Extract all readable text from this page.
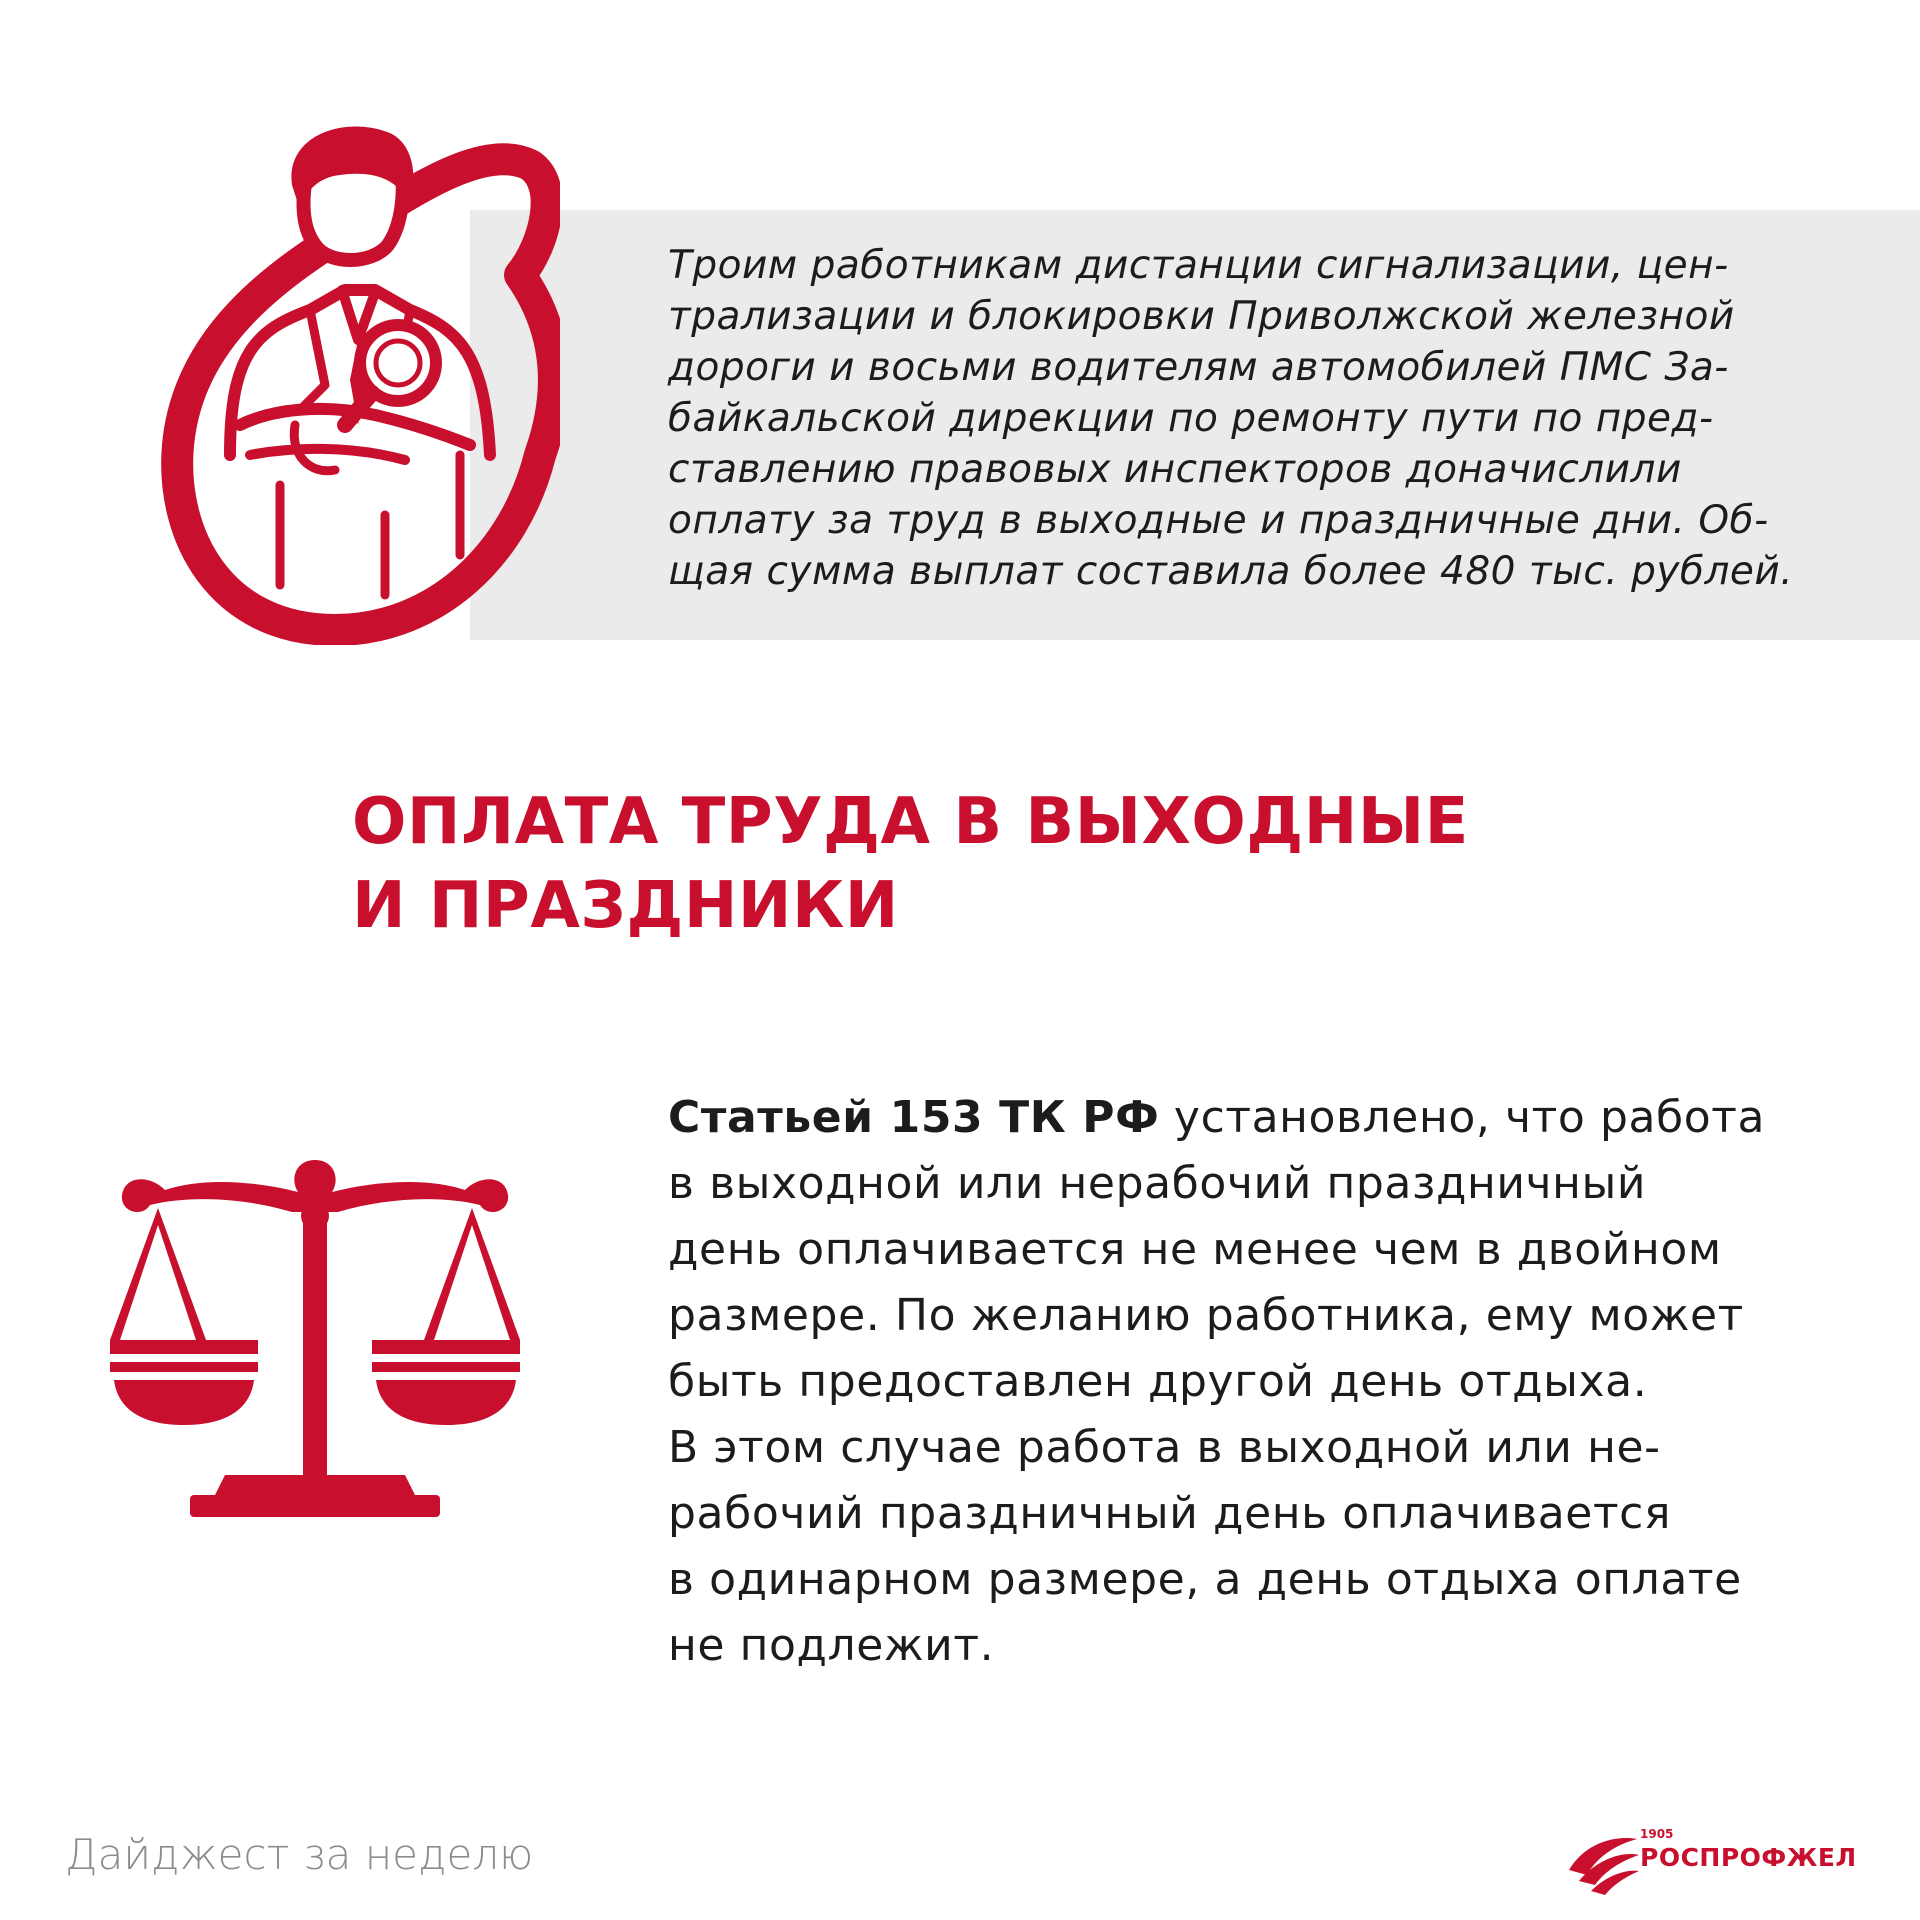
Троим работникам дистанции сигнализации, цен-
трализации и блокировки Приволжской железной
дороги и восьми водителям автомобилей ПМС За-
байкальской дирекции по ремонту пути по пред-
ставлению правовых инспекторов доначислили
оплату за труд в выходные и праздничные дни. Об-
щая сумма выплат составила более 480 тыс. рублей.
ОПЛАТА ТРУДА В ВЫХОДНЫЕ
И ПРАЗДНИКИ

Статьей 153 ТК РФ установлено, что работа

в выходной или нерабочий праздничный

день оплачивается не менее чем в двойном

размере. По желанию работника, ему может

быть предоставлен другой день отдыха.

В этом случае работа в выходной или не-

рабочий праздничный день оплачивается

в одинарном размере, а день отдыха оплате

не подлежит.

Дайджест за неделю	1905
РОСПРОФЖЕЛ
